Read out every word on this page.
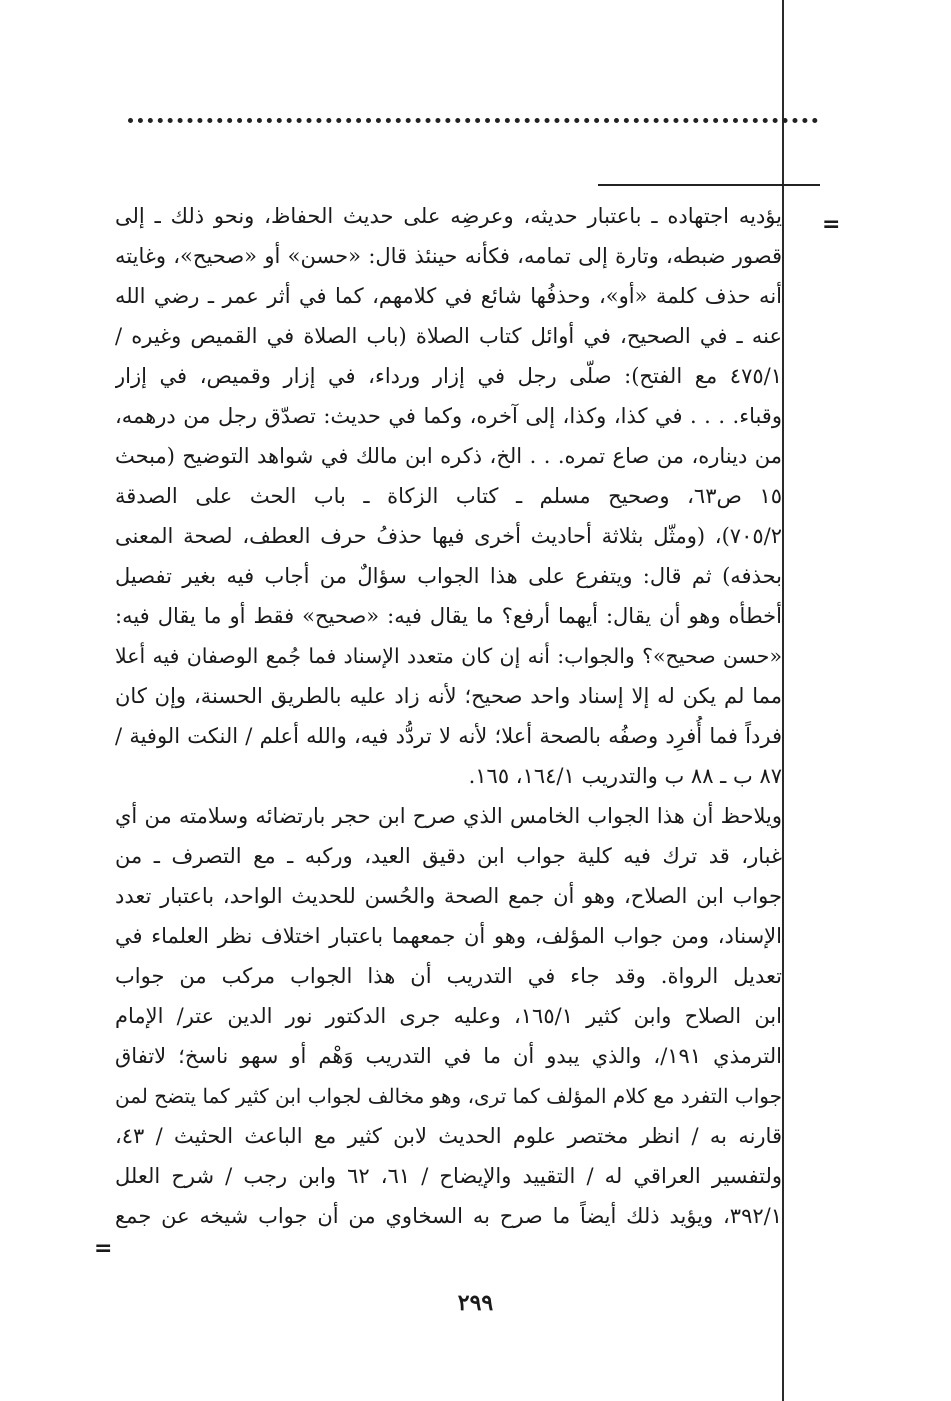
=
=
يؤديه اجتهاده ـ باعتبار حديثه، وعرضِه على حديث الحفاظ، ونحو ذلك ـ إلى
قصور ضبطه، وتارة إلى تمامه، فكأنه حينئذ قال: «حسن» أو «صحيح»، وغايته
أنه حذف كلمة «أو»، وحذفُها شائع في كلامهم، كما في أثر عمر ـ رضي الله
عنه ـ في الصحيح، في أوائل كتاب الصلاة (باب الصلاة في القميص وغيره /
٤٧٥/١ مع الفتح): صلّى رجل في إزار ورداء، في إزار وقميص، في إزار
وقباء. . . . في كذا، وكذا، إلى آخره، وكما في حديث: تصدّق رجل من درهمه،
من ديناره، من صاع تمره. . . الخ، ذكره ابن مالك في شواهد التوضيح (مبحث
١٥ ص٦٣، وصحيح مسلم ـ كتاب الزكاة ـ باب الحث على الصدقة
٧٠٥/٢)، (ومثّل بثلاثة أحاديث أخرى فيها حذفُ حرف العطف، لصحة المعنى
بحذفه) ثم قال: ويتفرع على هذا الجواب سؤالٌ من أجاب فيه بغير تفصيل
أخطأه وهو أن يقال: أيهما أرفع؟ ما يقال فيه: «صحيح» فقط أو ما يقال فيه:
«حسن صحيح»؟ والجواب: أنه إن كان متعدد الإسناد فما جُمع الوصفان فيه أعلا
مما لم يكن له إلا إسناد واحد صحيح؛ لأنه زاد عليه بالطريق الحسنة، وإن كان
فرداً فما أُفرِد وصفُه بالصحة أعلا؛ لأنه لا تردُّد فيه، والله أعلم / النكت الوفية /
٨٧ ب ـ ٨٨ ب والتدريب ١٦٤/١، ١٦٥.
ويلاحظ أن هذا الجواب الخامس الذي صرح ابن حجر بارتضائه وسلامته من أي
غبار، قد ترك فيه كلية جواب ابن دقيق العيد، وركبه ـ مع التصرف ـ من
جواب ابن الصلاح، وهو أن جمع الصحة والحُسن للحديث الواحد، باعتبار تعدد
الإسناد، ومن جواب المؤلف، وهو أن جمعهما باعتبار اختلاف نظر العلماء في
تعديل الرواة. وقد جاء في التدريب أن هذا الجواب مركب من جواب
ابن الصلاح وابن كثير ١٦٥/١، وعليه جرى الدكتور نور الدين عتر/ الإمام
الترمذي ١٩١/، والذي يبدو أن ما في التدريب وَهْم أو سهو ناسخ؛ لاتفاق
جواب التفرد مع كلام المؤلف كما ترى، وهو مخالف لجواب ابن كثير كما يتضح لمن
قارنه به / انظر مختصر علوم الحديث لابن كثير مع الباعث الحثيث / ٤٣،
ولتفسير العراقي له / التقييد والإيضاح / ٦١، ٦٢ وابن رجب / شرح العلل
٣٩٢/١، ويؤيد ذلك أيضاً ما صرح به السخاوي من أن جواب شيخه عن جمع
٢٩٩
